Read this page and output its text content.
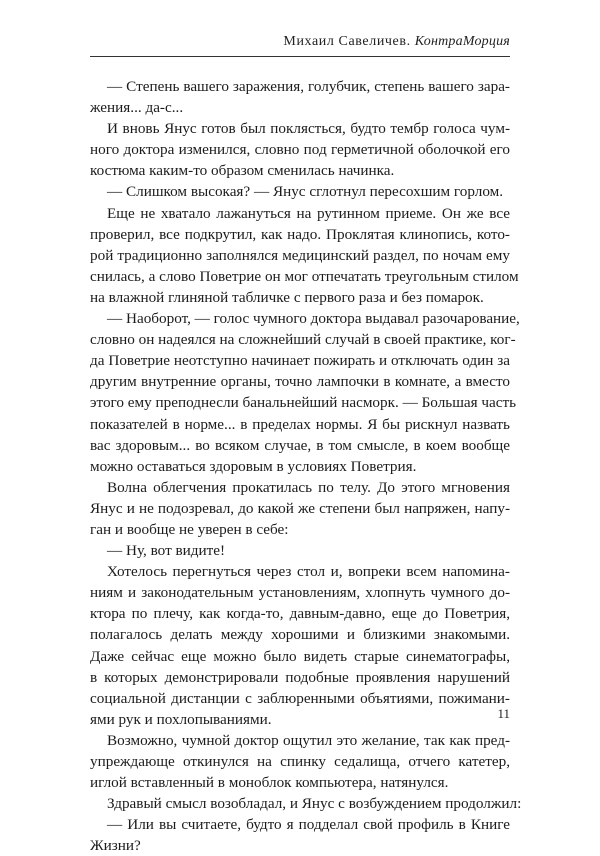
Михаил Савеличев. КонтраМорция
— Степень вашего заражения, голубчик, степень вашего зара-
жения... да-с...
И вновь Янус готов был поклясться, будто тембр голоса чум-
ного доктора изменился, словно под герметичной оболочкой его
костюма каким-то образом сменилась начинка.
— Слишком высокая? — Янус сглотнул пересохшим горлом.
Еще не хватало лажануться на рутинном приеме. Он же все
проверил, все подкрутил, как надо. Проклятая клинопись, кото-
рой традиционно заполнялся медицинский раздел, по ночам ему
снилась, а слово Поветрие он мог отпечатать треугольным стилом
на влажной глиняной табличке с первого раза и без помарок.
— Наоборот, — голос чумного доктора выдавал разочарование,
словно он надеялся на сложнейший случай в своей практике, ког-
да Поветрие неотступно начинает пожирать и отключать один за
другим внутренние органы, точно лампочки в комнате, а вместо
этого ему преподнесли банальнейший насморк. — Большая часть
показателей в норме... в пределах нормы. Я бы рискнул назвать
вас здоровым... во всяком случае, в том смысле, в коем вообще
можно оставаться здоровым в условиях Поветрия.
Волна облегчения прокатилась по телу. До этого мгновения
Янус и не подозревал, до какой же степени был напряжен, напу-
ган и вообще не уверен в себе:
— Ну, вот видите!
Хотелось перегнуться через стол и, вопреки всем напомина-
ниям и законодательным установлениям, хлопнуть чумного до-
ктора по плечу, как когда-то, давным-давно, еще до Поветрия,
полагалось делать между хорошими и близкими знакомыми.
Даже сейчас еще можно было видеть старые синематографы,
в которых демонстрировали подобные проявления нарушений
социальной дистанции с заблюренными объятиями, пожимани-
ями рук и похлопываниями.
Возможно, чумной доктор ощутил это желание, так как пред-
упреждающе откинулся на спинку седалища, отчего катетер,
иглой вставленный в моноблок компьютера, натянулся.
Здравый смысл возобладал, и Янус с возбуждением продолжил:
— Или вы считаете, будто я подделал свой профиль в Книге
Жизни?
11
